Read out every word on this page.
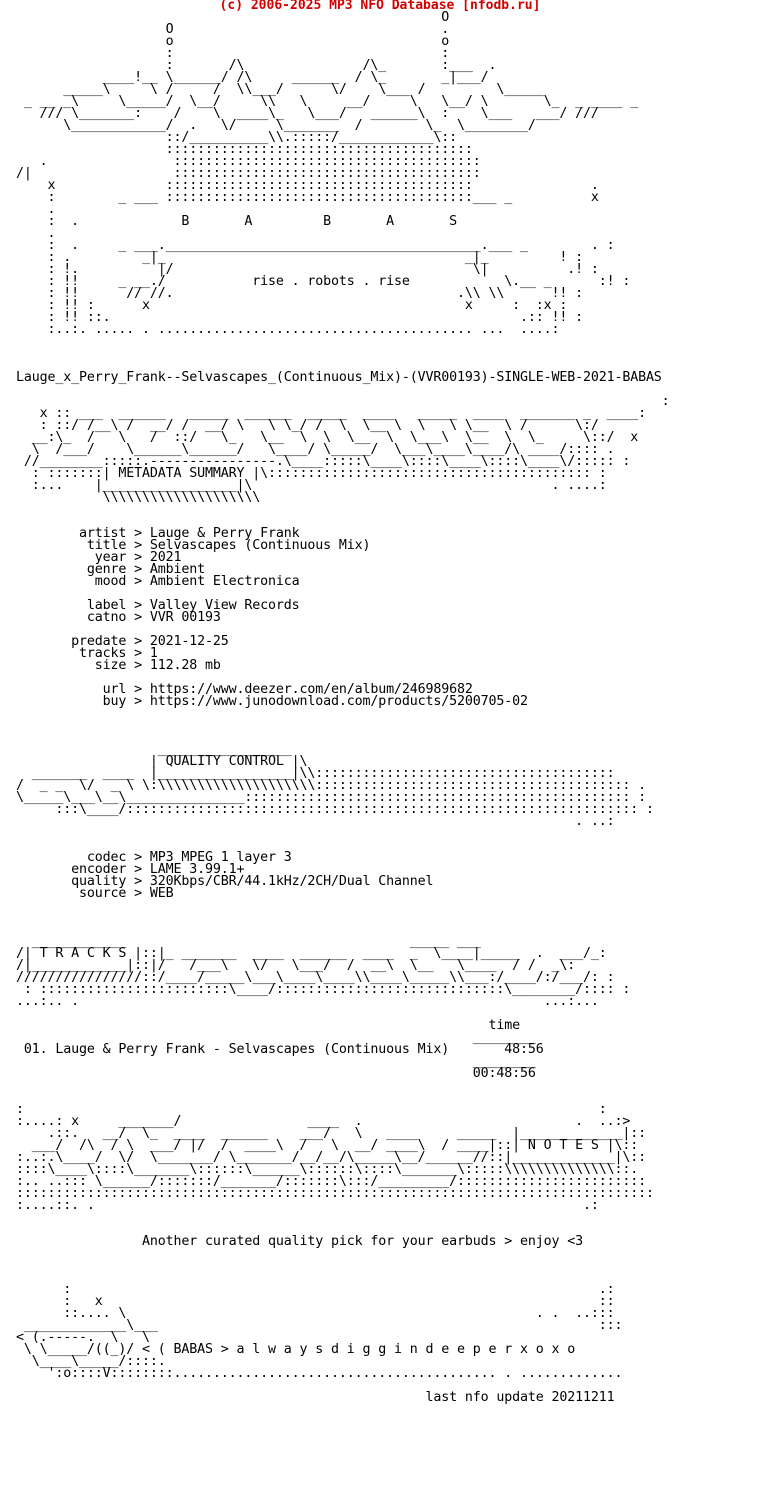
(c) 2006-2025 MP3 NFO Database [nfodb.ru]
O
O                                  .
o                                  o
:                                  :
:       /\               /\_       :___  .
____!__ \______/ /\     ______  / \_       _|___/
_____\     \ /     /  \\___/      \/    \___ /         \_____
_ __ _\     \_____/  \__/     \\   \     __/     \   \__/ \       \_  _ ____ _
/// \_______:    /    \  ____\_   \___/   ______\  :    \___   ___/ ///
\____________/  .   \/     \_______  /        \_  \________/
::/__________\\.:::::/____________\::
:::::::::::::::::::::::::::::::::::::::
.                :::::::::::::::::::::::::::::::::::::::
/|                  :::::::::::::::::::::::::::::::::::::::
x              :::::::::::::::::::::::::::::::::::::::               .
:        _ ___ :::::::::::::::::::::::::::::::::::::::___ _          x
.
:  .             B       A         B       A       S
.
:  .     _ ___.________________________________________.___ _        . :
: .         _|_                                      _|_         ! :
: !.          |/                                      \|          .! :
: !!     _ __./           rise . robots . rise            \.__ _      :! :
: !!      // //.                                    .\\ \\      !! :
: !! :      x                                        x     :  :x :
: !! ::.                                                    .:: !! :
:..:. ..... . ........................................ ...  ....:

Lauge_x_Perry_Frank--Selvascapes_(Continuous_Mix)-(VVR00193)-SINGLE-WEB-2021-BABAS

:
x :: ___  ______   _____  ______  _____  ____   _____  ____  _______ _  ____:
: ::/ /__\ /  __/ /  __/ \   \ \_/ /  \  \__ \  \   \ \__  \ /      \:/
__:\_  /   \   /  ::/   \_   \__  \  \  \__  \  \___\  \__  \  \_     \::/  x
\  /___/    \______\______/   \____/ \_____/  \___\____\____/\ ____/:::: .
//________:::::.----------------.\____:::::\____\::::\____\::::\____\/::::: :
: :::::::| METADATA SUMMARY |\::::::::::::::::::::::::::::::::::::::::: :
:...    |_________________|\                                      . ....:
\\\\\\\\\\\\\\\\\\\\

artist > Lauge & Perry Frank
title > Selvascapes (Continuous Mix)
year > 2021
genre > Ambient
mood > Ambient Electronica

label > Valley View Records
catno > VVR 00193

predate > 2021-12-25
tracks > 1
size > 112.28 mb

url > https://www.deezer.com/en/album/246989682
buy > https://www.junodownload.com/products/5200705-02

_________________
| QUALITY CONTROL |\
_______  ____  |_________________|\\::::::::::::::::::::::::::::::::::::::
/  _ _  \/  _ \ \:\\\\\\\\\\\\\\\\\\\\:::::::::::::::::::::::::::::::::::::::: .
\_____\___\__\_______________::::::::::::::::::::::::::::::::::::::::::::::::: :
:::\____/::::::::::::::::::::::::::::::::::::::::::::::::::::::::::::::::: :
. ..:

codec > MP3 MPEG 1 layer 3
encoder > LAME 3.99.1+
quality > 320Kbps/CBR/44.1kHz/2CH/Dual Channel
source > WEB

____________                                    _____ ___
/| T R A C K S |::|_ _______  ____  ______  ____  _  \____|_____  .  ___/_:
/|____________|::|/   /___\   \/   \___/  /  __\  \__   \____  / /  _\:
////////////////::/____/_____\___\____\____\\____\_____\\___:/____/:/___/: :
: ::::::::::::::::::::::::\____/:::::::::::::::::::::::::::::\________/:::: :
...:.. .                                                           ...:...

time
________
01. Lauge & Perry Frank - Selvascapes (Continuous Mix)       48:56
________
00:48:56

:                                                                         :
:....: x     _______/                ____  .                           .  ..:>
.::.   __/  \_  ____  ______    ___/   \   ____     _____  |_____________|::
___/  /\  / \  ___/ |/  /  ____\  /   \  __/ ____\  / ____|::| N O T E S |\::
:..:.\____/  \/  \_______/ \_______/__/__/\_____\__/______//::|_____________|\::
::::\____\::::\_______\::::::\______\::::::\::::\_______\:::::\\\\\\\\\\\\\\::.
:.. ..::: \______/:::::::/_______/:::::::\:::/_________/::::::::::::::::::::::::
:::::::::::::::::::::::::::::::::::::::::::::::::::::::::::::::::::::::::::::::::
:....::. .                                                              .:

Another curated quality pick for your earbuds > enjoy <3

:                                                                   .:
:   x                                                               ::
::.... \                                                    . .  ..:::
_____________\___                                                        :::
< (.-----.  \   \
\ \_____/((_)/ < ( BABAS > a l w a y s d i g g i n d e e p e r x o x o
\____\_____/::::.
':o::::V::::::::......................................... . .............

last nfo update 20211211
